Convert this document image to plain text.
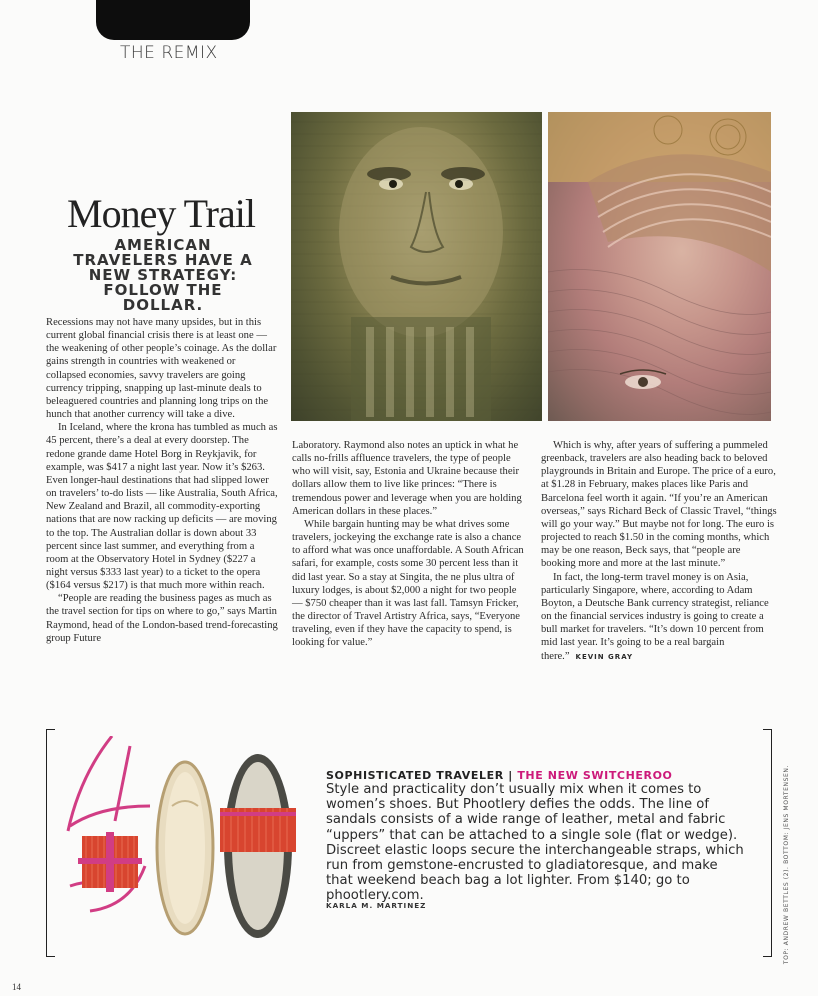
THE REMIX
Money Trail
AMERICAN TRAVELERS HAVE A NEW STRATEGY: FOLLOW THE DOLLAR.

Recessions may not have many upsides, but in this current global financial crisis there is at least one — the weakening of other people’s coinage. As the dollar gains strength in countries with weakened or collapsed economies, savvy travelers are going currency tripping, snapping up last-minute deals to beleaguered countries and planning long trips on the hunch that another currency will take a dive.

In Iceland, where the krona has tumbled as much as 45 percent, there’s a deal at every doorstep. The redone grande dame Hotel Borg in Reykjavik, for example, was $417 a night last year. Now it’s $263. Even longer-haul destinations that had slipped lower on travelers’ to-do lists — like Australia, South Africa, New Zealand and Brazil, all commodity-exporting nations that are now racking up deficits — are moving to the top. The Australian dollar is down about 33 percent since last summer, and everything from a room at the Observatory Hotel in Sydney ($227 a night versus $333 last year) to a ticket to the opera ($164 versus $217) is that much more within reach.

“People are reading the business pages as much as the travel section for tips on where to go,” says Martin Raymond, head of the London-based trend-forecasting group Future

Laboratory. Raymond also notes an uptick in what he calls no-frills affluence travelers, the type of people who will visit, say, Estonia and Ukraine because their dollars allow them to live like princes: “There is tremendous power and leverage when you are holding American dollars in these places.”

While bargain hunting may be what drives some travelers, jockeying the exchange rate is also a chance to afford what was once unaffordable. A South African safari, for example, costs some 30 percent less than it did last year. So a stay at Singita, the ne plus ultra of luxury lodges, is about $2,000 a night for two people — $750 cheaper than it was last fall. Tamsyn Fricker, the director of Travel Artistry Africa, says, “Everyone traveling, even if they have the capacity to spend, is looking for value.”

Which is why, after years of suffering a pummeled greenback, travelers are also heading back to beloved playgrounds in Britain and Europe. The price of a euro, at $1.28 in February, makes places like Paris and Barcelona feel worth it again. “If you’re an American overseas,” says Richard Beck of Classic Travel, “things will go your way.” But maybe not for long. The euro is projected to reach $1.50 in the coming months, which may be one reason, Beck says, that “people are booking more and more at the last minute.”

In fact, the long-term travel money is on Asia, particularly Singapore, where, according to Adam Boyton, a Deutsche Bank currency strategist, reliance on the financial services industry is going to create a bull market for travelers. “It’s down 10 percent from mid last year. It’s going to be a real bargain there.” KEVIN GRAY

SOPHISTICATED TRAVELER | THE NEW SWITCHEROO

Style and practicality don’t usually mix when it comes to women’s shoes. But Phootlery defies the odds. The line of sandals consists of a wide range of leather, metal and fabric “uppers” that can be attached to a single sole (flat or wedge). Discreet elastic loops secure the interchangeable straps, which run from gemstone-encrusted to gladiatoresque, and make that weekend beach bag a lot lighter. From $140; go to phootlery.com.

KARLA M. MARTINEZ	TOP: ANDREW BETTLES (2). BOTTOM: JENS MORTENSEN.
14
